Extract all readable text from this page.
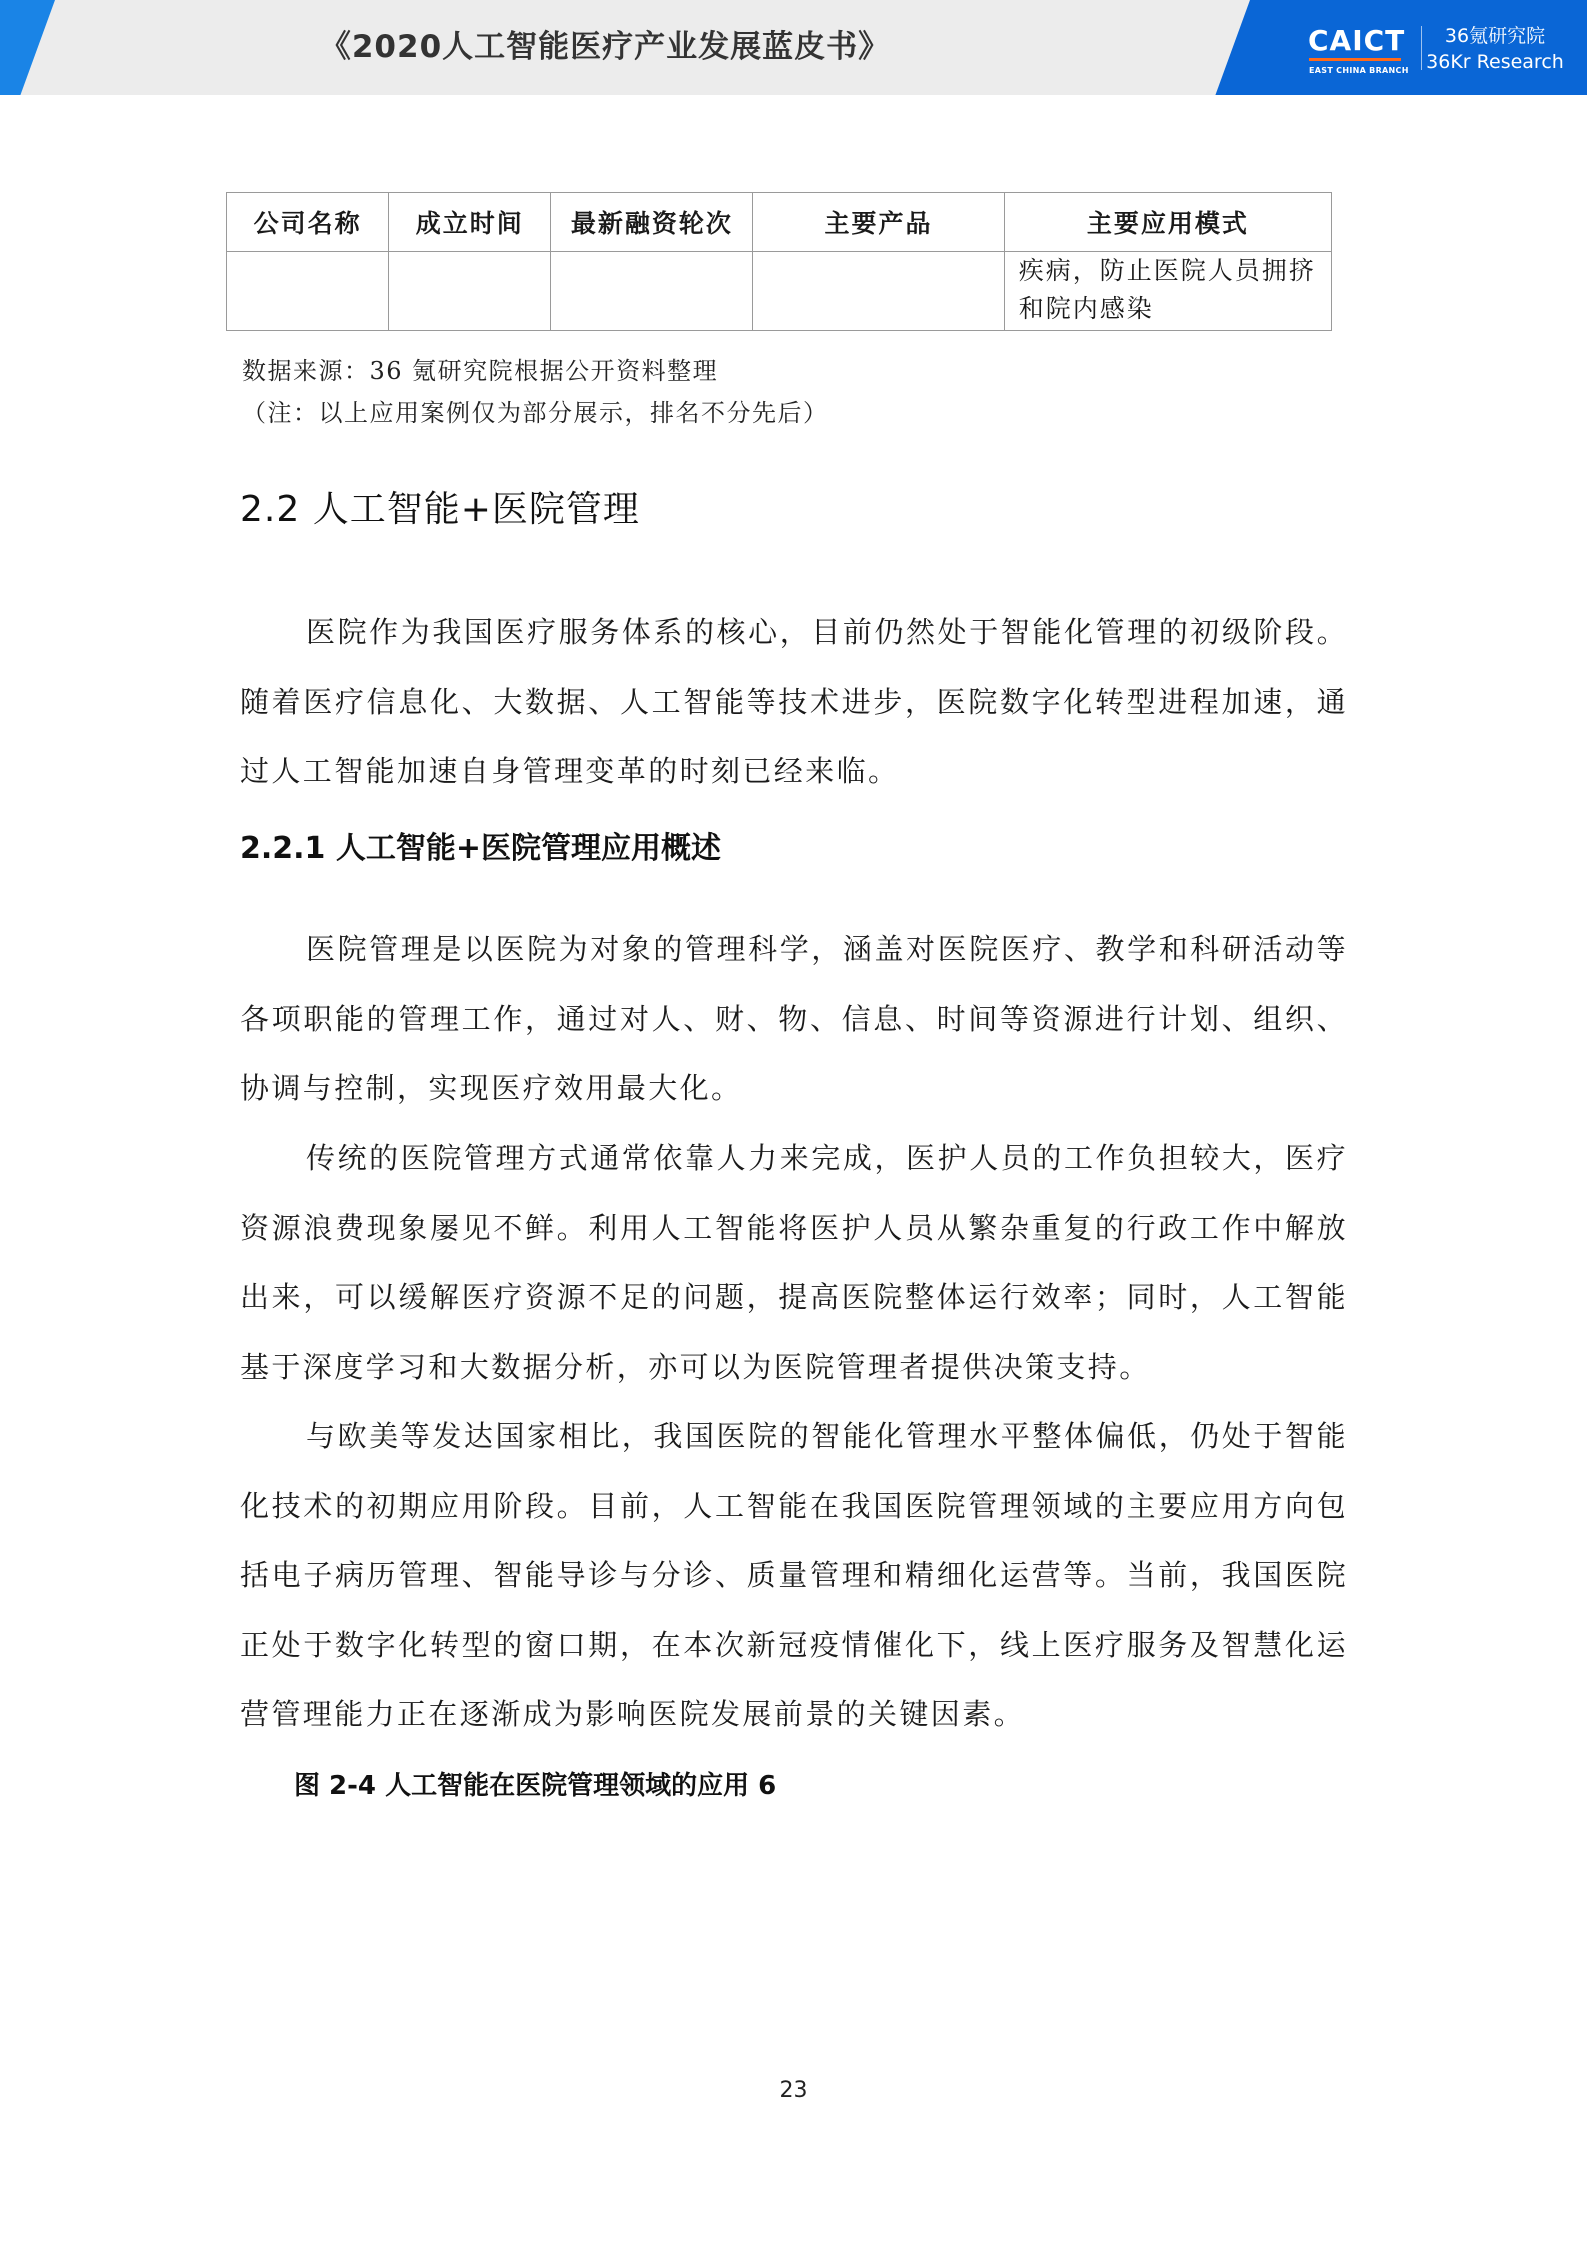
《2020人工智能医疗产业发展蓝皮书》	CAICT
EAST CHINA BRANCH
36氪研究院
36Kr Research
公司名称	成立时间	最新融资轮次	主要产品	主要应用模式
				疾病，防止医院人员拥挤和院内感染
数据来源：36 氪研究院根据公开资料整理
（注：以上应用案例仅为部分展示，排名不分先后）
2.2 人工智能+医院管理

医院作为我国医疗服务体系的核心，目前仍然处于智能化管理的初级阶段。随着医疗信息化、大数据、人工智能等技术进步，医院数字化转型进程加速，通过人工智能加速自身管理变革的时刻已经来临。

2.2.1 人工智能+医院管理应用概述

医院管理是以医院为对象的管理科学，涵盖对医院医疗、教学和科研活动等各项职能的管理工作，通过对人、财、物、信息、时间等资源进行计划、组织、协调与控制，实现医疗效用最大化。

传统的医院管理方式通常依靠人力来完成，医护人员的工作负担较大，医疗资源浪费现象屡见不鲜。利用人工智能将医护人员从繁杂重复的行政工作中解放出来，可以缓解医疗资源不足的问题，提高医院整体运行效率；同时，人工智能基于深度学习和大数据分析，亦可以为医院管理者提供决策支持。

与欧美等发达国家相比，我国医院的智能化管理水平整体偏低，仍处于智能化技术的初期应用阶段。目前，人工智能在我国医院管理领域的主要应用方向包括电子病历管理、智能导诊与分诊、质量管理和精细化运营等。当前，我国医院正处于数字化转型的窗口期，在本次新冠疫情催化下，线上医疗服务及智慧化运营管理能力正在逐渐成为影响医院发展前景的关键因素。

图 2-4 人工智能在医院管理领域的应用 6
23
